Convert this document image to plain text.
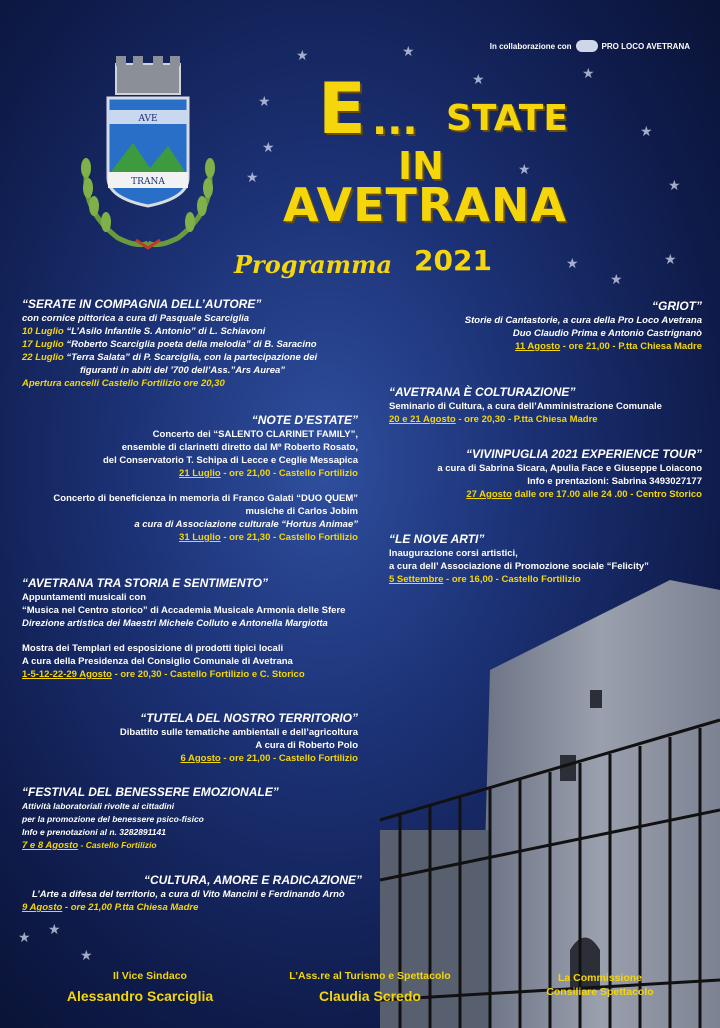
★
★	★
★	★
★
★
★
★
★
★
★
★
★ ★
★
In collaborazione con	PRO LOCO AVETRANA
AVE
TRANA
E ... STATE
IN
AVETRANA
Programma 2021

“SERATE IN COMPAGNIA DELL’AUTORE”

con cornice pittorica a cura di Pasquale Scarciglia

10 Luglio “L’Asilo Infantile S. Antonio” di L. Schiavoni

17 Luglio “Roberto Scarciglia poeta della melodia” di B. Saracino

22 Luglio “Terra Salata” di P. Scarciglia, con la partecipazione dei

figuranti in abiti del ’700 dell’Ass.”Ars Aurea”

Apertura cancelli Castello Fortilizio ore 20,30

“NOTE D’ESTATE”

Concerto dei “SALENTO CLARINET FAMILY”,

ensemble di clarinetti diretto dal Mº Roberto Rosato,

del Conservatorio T. Schipa di Lecce e Ceglie Messapica

21 Luglio - ore 21,00 - Castello Fortilizio

Concerto di beneficienza in memoria di Franco Galati “DUO QUEM”

musiche di Carlos Jobim

a cura di Associazione culturale “Hortus Animae”

31 Luglio - ore 21,30 - Castello Fortilizio

“AVETRANA TRA STORIA E SENTIMENTO”

Appuntamenti musicali con

“Musica nel Centro storico” di Accademia Musicale Armonia delle Sfere

Direzione artistica dei Maestri Michele Colluto e Antonella Margiotta

Mostra dei Templari ed esposizione di prodotti tipici locali

A cura della Presidenza del Consiglio Comunale di Avetrana

1-5-12-22-29 Agosto - ore 20,30 - Castello Fortilizio e C. Storico

“TUTELA DEL NOSTRO TERRITORIO”

Dibattito sulle tematiche ambientali e dell’agricoltura

A cura di Roberto Polo

6 Agosto - ore 21,00 - Castello Fortilizio

“FESTIVAL DEL BENESSERE EMOZIONALE”

Attività laboratoriali rivolte ai cittadini

per la promozione del benessere psico-fisico

Info e prenotazioni al n. 3282891141

7 e 8 Agosto - Castello Fortilizio

“CULTURA, AMORE E RADICAZIONE”

L’Arte a difesa del territorio, a cura di Vito Mancini e Ferdinando Arnò

9 Agosto - ore 21,00 P.tta Chiesa Madre

“GRIOT”

Storie di Cantastorie, a cura della Pro Loco Avetrana

Duo Claudio Prima e Antonio Castrignanò

11 Agosto - ore 21,00 - P.tta Chiesa Madre

“AVETRANA È COLTURAZIONE”

Seminario di Cultura, a cura dell’Amministrazione Comunale

20 e 21 Agosto - ore 20,30 - P.tta Chiesa Madre

“VIVINPUGLIA 2021 EXPERIENCE TOUR”

a cura di Sabrina Sicara, Apulia Face e Giuseppe Loiacono

Info e prentazioni: Sabrina 3493027177

27 Agosto dalle ore 17.00 alle 24 .00 - Centro Storico

“LE NOVE ARTI”

Inaugurazione corsi artistici,

a cura dell’ Associazione di Promozione sociale “Felicity”

5 Settembre - ore 16,00 - Castello Fortilizio

Il Vice Sindaco
Alessandro Scarciglia
L’Ass.re al Turismo e Spettacolo
Claudia Scredo
La Commissione
Consiliare Spettacolo
